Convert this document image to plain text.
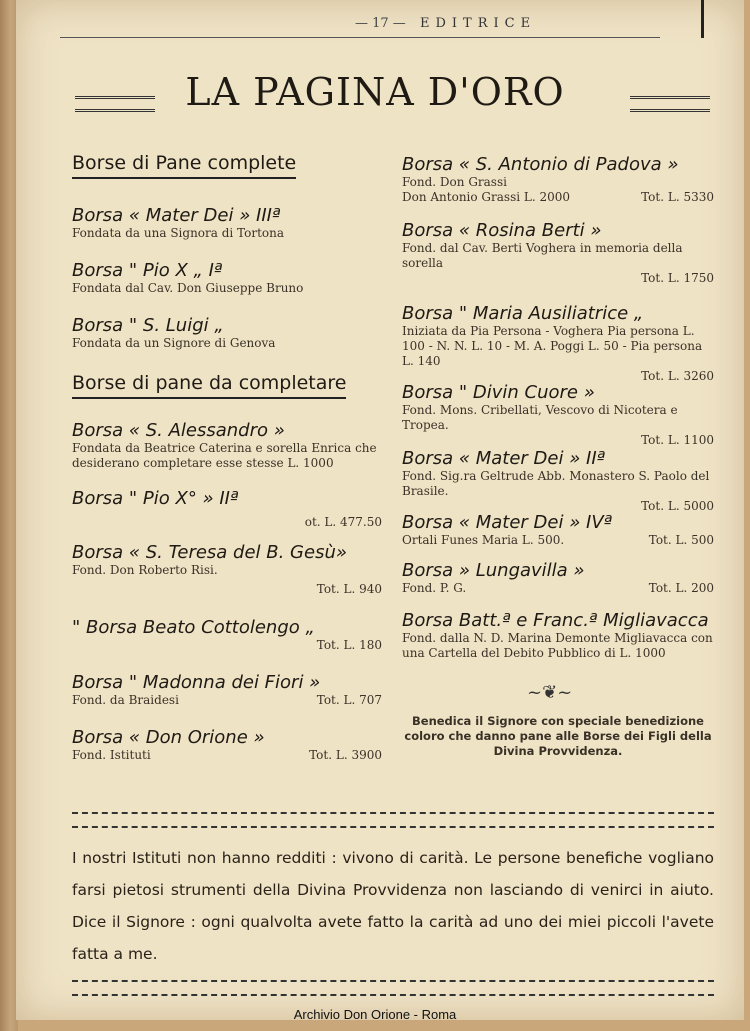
— 17 — EDITRICE
LA PAGINA D'ORO
Borse di Pane complete
Borsa « Mater Dei » IIIª
Fondata da una Signora di Tortona
Borsa " Pio X „ Iª
Fondata dal Cav. Don Giuseppe Bruno
Borsa " S. Luigi „
Fondata da un Signore di Genova
Borse di pane da completare
Borsa « S. Alessandro »
Fondata da Beatrice Caterina e sorella Enrica che desiderano completare esse stesse L. 1000
Borsa " Pio X° » IIª
ot. L. 477.50
Borsa « S. Teresa del B. Gesù»
Fond. Don Roberto Risi.
Tot. L. 940
" Borsa Beato Cottolengo „
Tot. L. 180
Borsa " Madonna dei Fiori »
Fond. da Braidesi	Tot. L. 707
Borsa « Don Orione »
Fond. Istituti	Tot. L. 3900
Borsa « S. Antonio di Padova »
Fond. Don Grassi
Don Antonio Grassi L. 2000	Tot. L. 5330
Borsa « Rosina Berti »
Fond. dal Cav. Berti Voghera in memoria della sorella
Tot. L. 1750
Borsa " Maria Ausiliatrice „
Iniziata da Pia Persona - Voghera Pia persona L. 100 - N. N. L. 10 - M. A. Poggi L. 50 - Pia persona L. 140
Tot. L. 3260
Borsa " Divin Cuore »
Fond. Mons. Cribellati, Vescovo di Nicotera e Tropea.
Tot. L. 1100
Borsa « Mater Dei » IIª
Fond. Sig.ra Geltrude Abb. Monastero S. Paolo del Brasile.
Tot. L. 5000
Borsa « Mater Dei » IVª
Ortali Funes Maria L. 500.	Tot. L. 500
Borsa » Lungavilla »
Fond. P. G.	Tot. L. 200
Borsa Batt.ª e Franc.ª Migliavacca
Fond. dalla N. D. Marina Demonte Migliavacca con una Cartella del Debito Pubblico di L. 1000
~❦~
Benedica il Signore con speciale benedizione coloro che danno pane alle Borse dei Figli della Divina Provvidenza.
I nostri Istituti non hanno redditi : vivono di carità. Le persone benefiche vogliano farsi pietosi strumenti della Divina Provvidenza non lasciando di venirci in aiuto. Dice il Signore : ogni qualvolta avete fatto la carità ad uno dei miei piccoli l'avete fatta a me.
Archivio Don Orione - Roma
